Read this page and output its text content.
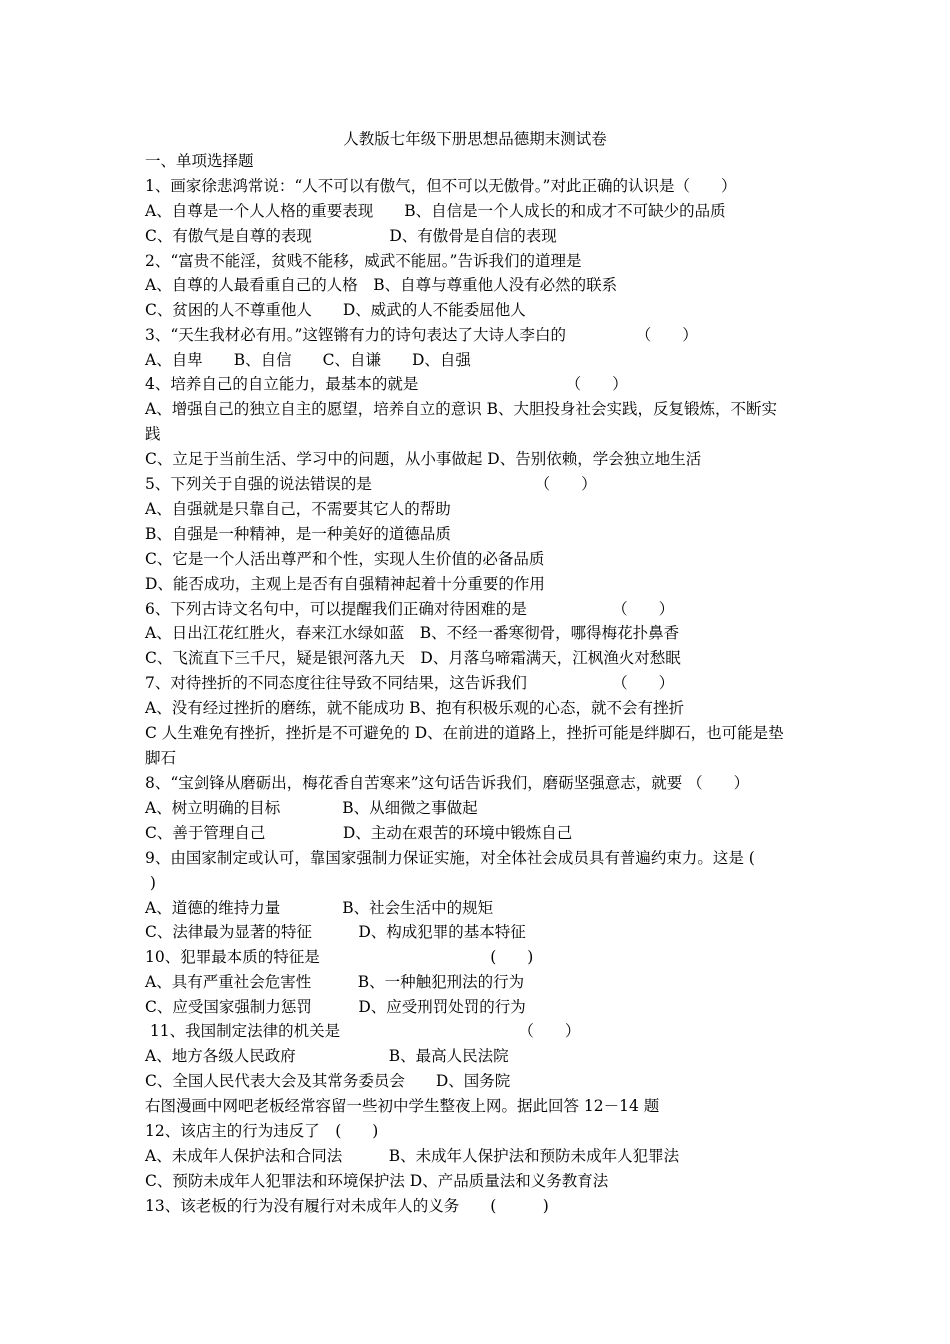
人教版七年级下册思想品德期末测试卷
一、单项选择题
1、画家徐悲鸿常说：“人不可以有傲气，但不可以无傲骨。”对此正确的认识是（　　）
A、自尊是一个人人格的重要表现　　B、自信是一个人成长的和成才不可缺少的品质
C、有傲气是自尊的表现　　　　　D、有傲骨是自信的表现
2、“富贵不能淫，贫贱不能移，威武不能屈。”告诉我们的道理是
A、自尊的人最看重自己的人格　B、自尊与尊重他人没有必然的联系
C、贫困的人不尊重他人　　D、威武的人不能委屈他人
3、“天生我材必有用。”这铿锵有力的诗句表达了大诗人李白的　　　　　（　　）
A、自卑　　B、自信　　C、自谦　　D、自强
4、培养自己的自立能力，最基本的就是　　　　　　　　　　（　　）
A、增强自己的独立自主的愿望，培养自立的意识 B、大胆投身社会实践，反复锻炼，不断实
践
C、立足于当前生活、学习中的问题，从小事做起 D、告别依赖，学会独立地生活
5、下列关于自强的说法错误的是　　　　　　　　　　　（　　）
A、自强就是只靠自己，不需要其它人的帮助
B、自强是一种精神，是一种美好的道德品质
C、它是一个人活出尊严和个性，实现人生价值的必备品质
D、能否成功，主观上是否有自强精神起着十分重要的作用
6、下列古诗文名句中，可以提醒我们正确对待困难的是　　　　　　（　　）
A、日出江花红胜火，春来江水绿如蓝　B、不经一番寒彻骨，哪得梅花扑鼻香
C、飞流直下三千尺，疑是银河落九天　D、月落乌啼霜满天，江枫渔火对愁眠
7、对待挫折的不同态度往往导致不同结果，这告诉我们　　　　　　（　　）
A、没有经过挫折的磨练，就不能成功 B、抱有积极乐观的心态，就不会有挫折
C 人生难免有挫折，挫折是不可避免的 D、在前进的道路上，挫折可能是绊脚石，也可能是垫
脚石
8、“宝剑锋从磨砺出，梅花香自苦寒来”这句话告诉我们，磨砺坚强意志，就要 （　　）
A、树立明确的目标　　　　B、从细微之事做起
C、善于管理自己　　　　　D、主动在艰苦的环境中锻炼自己
9、由国家制定或认可，靠国家强制力保证实施，对全体社会成员具有普遍约束力。这是 (
)
A、道德的维持力量　　　　B、社会生活中的规矩
C、法律最为显著的特征　　　D、构成犯罪的基本特征
10、犯罪最本质的特征是　　　　　　　　　　　(　　)
11、我国制定法律的机关是　　　　　　　　　　　　（　　）
A、具有严重社会危害性　　　B、一种触犯刑法的行为
C、应受国家强制力惩罚　　　D、应受刑罚处罚的行为
A、地方各级人民政府　　　　　　B、最高人民法院
C、全国人民代表大会及其常务委员会　　D、国务院
右图漫画中网吧老板经常容留一些初中学生整夜上网。据此回答 12－14 题
12、该店主的行为违反了　(　　)
A、未成年人保护法和合同法　　　B、未成年人保护法和预防未成年人犯罪法
C、预防未成年人犯罪法和环境保护法 D、产品质量法和义务教育法
13、该老板的行为没有履行对未成年人的义务　　(　　　)
